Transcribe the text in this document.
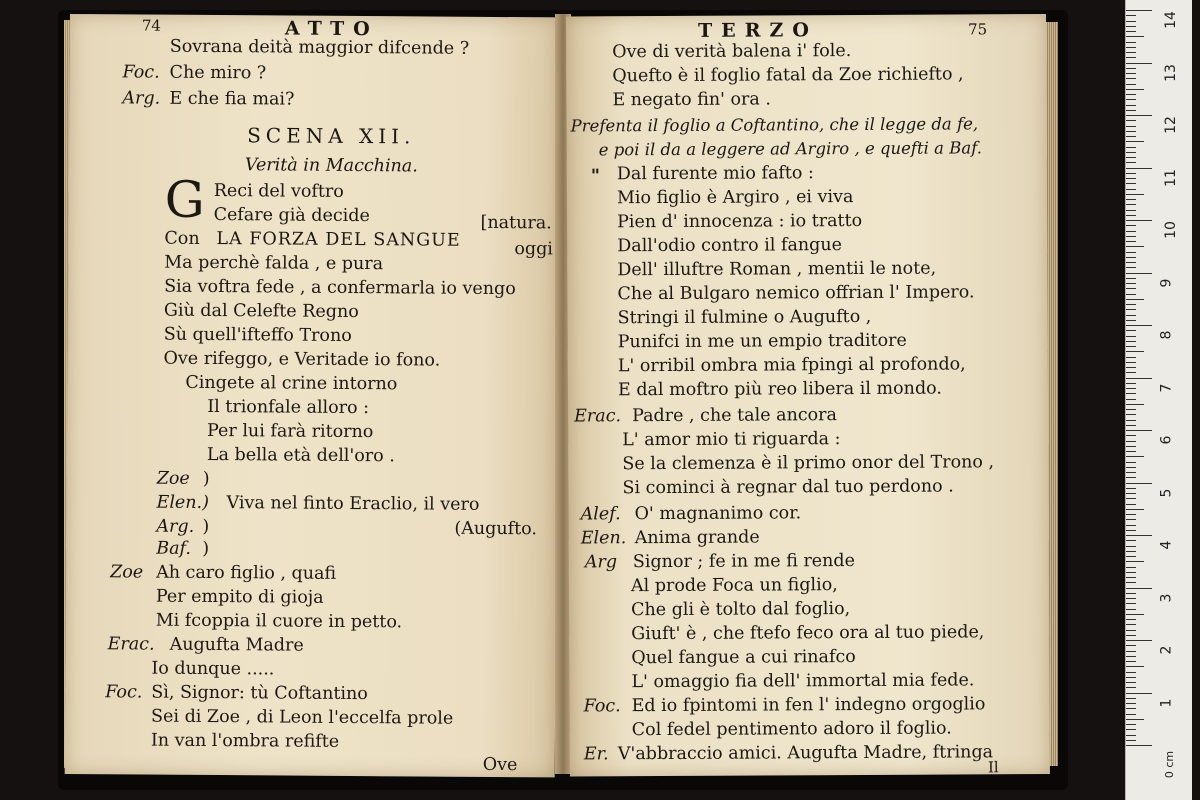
74	ATTO
Sovrana deità maggior difcende ?
Foc. Che miro ?
Arg. E che fia mai?
SCENA XII.
Verità in Macchina.
G Reci del voftro
Cefare già decide	[natura.
Con LA FORZA DEL SANGUE	oggi
Ma perchè falda , e pura
Sia voftra fede , a confermarla io vengo
Giù dal Celefte Regno
Sù quell'ifteffo Trono
Ove rifeggo, e Veritade io fono.
Cingete al crine intorno
Il trionfale alloro :
Per lui farà ritorno
La bella età dell'oro .
Zoe )
Elen.) Viva nel finto Eraclio, il vero
Arg. )	(Augufto.
Baf. )
Zoe Ah caro figlio , quafi
Per empito di gioja
Mi fcoppia il cuore in petto.
Erac. Augufta Madre
Io dunque .....
Foc. Sì, Signor: tù Coftantino
Sei di Zoe , di Leon l'eccelfa prole
In van l'ombra refifte
Ove
TERZO	75
Ove di verità balena i' fole.
Quefto è il foglio fatal da Zoe richiefto ,
E negato fin' ora .
Prefenta il foglio a Coftantino, che il legge da fe,
e poi il da a leggere ad Argiro , e quefti a Baf.
" Dal furente mio fafto :
Mio figlio è Argiro , ei viva
Pien d' innocenza : io tratto
Dall'odio contro il fangue
Dell' illuftre Roman , mentii le note,
Che al Bulgaro nemico offrian l' Impero.
Stringi il fulmine o Augufto ,
Punifci in me un empio traditore
L' orribil ombra mia fpingi al profondo,
E dal moftro più reo libera il mondo.
Erac. Padre , che tale ancora
L' amor mio ti riguarda :
Se la clemenza è il primo onor del Trono ,
Si cominci à regnar dal tuo perdono .
Alef. O' magnanimo cor.
Elen. Anima grande
Arg Signor ; fe in me fi rende
Al prode Foca un figlio,
Che gli è tolto dal foglio,
Giuft' è , che ftefo feco ora al tuo piede,
Quel fangue a cui rinafco
L' omaggio fia dell' immortal mia fede.
Foc. Ed io fpintomi in fen l' indegno orgoglio
Col fedel pentimento adoro il foglio.
Er. V'abbraccio amici. Augufta Madre, ftringa
Il	0 cm
14
13
12
11
10
9
8
7
6
5
4
3
2
1
